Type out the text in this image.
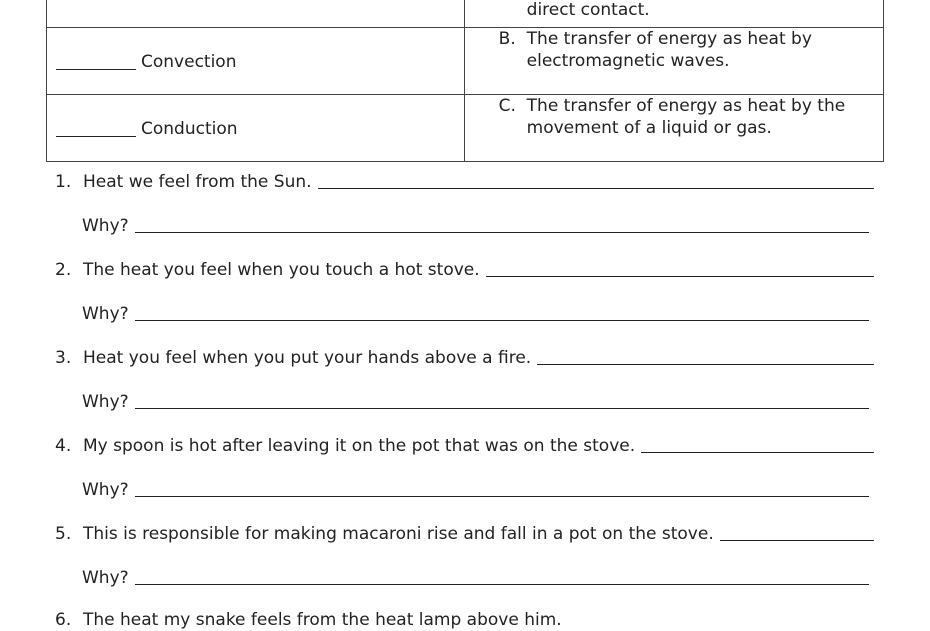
	direct contact.

Convection	B. The transfer of energy as heat by electromagnetic waves.

Conduction	C. The transfer of energy as heat by the movement of a liquid or gas.
1. Heat we feel from the Sun.
Why?
2. The heat you feel when you touch a hot stove.
Why?
3. Heat you feel when you put your hands above a fire.
Why?
4. My spoon is hot after leaving it on the pot that was on the stove.
Why?
5. This is responsible for making macaroni rise and fall in a pot on the stove.
Why?
6. The heat my snake feels from the heat lamp above him.
